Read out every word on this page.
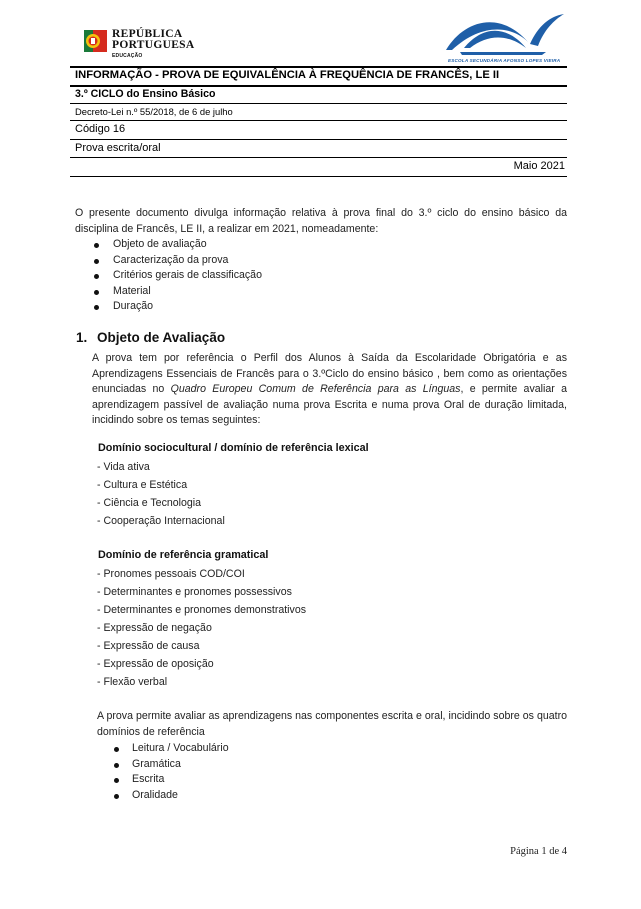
REPÚBLICA
PORTUGUESA
EDUCAÇÃO
ESCOLA SECUNDÁRIA AFONSO LOPES VIEIRA
INFORMAÇÃO - PROVA DE EQUIVALÊNCIA À FREQUÊNCIA DE FRANCÊS, LE II
3.º CICLO do Ensino Básico
Decreto-Lei n.º 55/2018, de 6 de julho
Código 16
Prova escrita/oral
Maio 2021
O presente documento divulga informação relativa à prova final do 3.º ciclo do ensino básico da disciplina de Francês, LE II, a realizar em 2021, nomeadamente:
Objeto de avaliação
Caracterização da prova
Critérios gerais de classificação
Material
Duração
1. Objeto de Avaliação
A prova tem por referência o Perfil dos Alunos à Saída da Escolaridade Obrigatória e as Aprendizagens Essenciais de Francês para o 3.ºCiclo do ensino básico , bem como as orientações enunciadas no Quadro Europeu Comum de Referência para as Línguas, e permite avaliar a aprendizagem passível de avaliação numa prova Escrita e numa prova Oral de duração limitada, incidindo sobre os temas seguintes:
Domínio sociocultural / domínio de referência lexical
- Vida ativa
- Cultura e Estética
- Ciência e Tecnologia
- Cooperação Internacional
Domínio de referência gramatical
- Pronomes pessoais COD/COI
- Determinantes e pronomes possessivos
- Determinantes e pronomes demonstrativos
- Expressão de negação
- Expressão de causa
- Expressão de oposição
- Flexão verbal
A prova permite avaliar as aprendizagens nas componentes escrita e oral, incidindo sobre os quatro domínios de referência
Leitura / Vocabulário
Gramática
Escrita
Oralidade
Página 1 de 4
